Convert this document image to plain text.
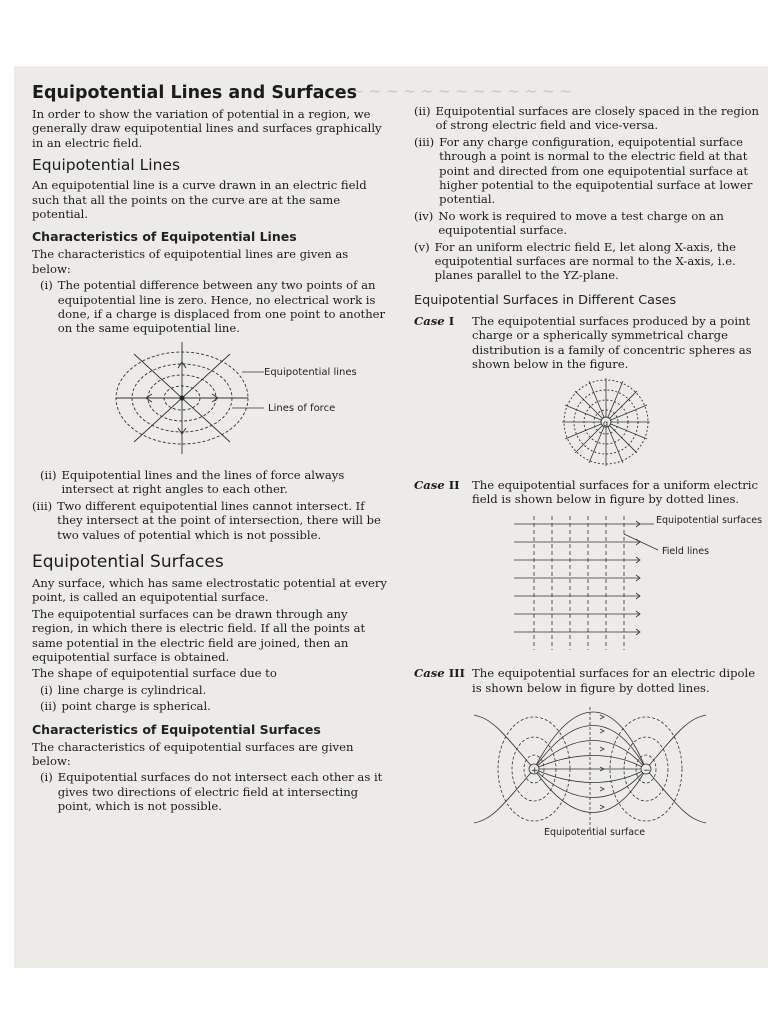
~ ~ ~ ~ ~ ~ ~ ~ ~ ~ ~ ~ ~ ~
Equipotential Lines and Surfaces

In order to show the variation of potential in a region, we generally draw equipotential lines and surfaces graphically in an electric field.

Equipotential Lines

An equipotential line is a curve drawn in an electric field such that all the points on the curve are at the same potential.

Characteristics of Equipotential Lines

The characteristics of equipotential lines are given as below:

(i) The potential difference between any two points of an equipotential line is zero. Hence, no electrical work is done, if a charge is displaced from one point to another on the same equipotential line.
Equipotential lines
Lines of force
(ii) Equipotential lines and the lines of force always intersect at right angles to each other.
(iii) Two different equipotential lines cannot intersect. If they intersect at the point of intersection, there will be two values of potential which is not possible.
Equipotential Surfaces

Any surface, which has same electrostatic potential at every point, is called an equipotential surface.

The equipotential surfaces can be drawn through any region, in which there is electric field. If all the points at same potential in the electric field are joined, then an equipotential surface is obtained.

The shape of equipotential surface due to

(i) line charge is cylindrical.
(ii) point charge is spherical.
Characteristics of Equipotential Surfaces

The characteristics of equipotential surfaces are given below:

(i) Equipotential surfaces do not intersect each other as it gives two directions of electric field at intersecting point, which is not possible.
(ii) Equipotential surfaces are closely spaced in the region of strong electric field and vice-versa.
(iii) For any charge configuration, equipotential surface through a point is normal to the electric field at that point and directed from one equipotential surface at higher potential to the equipotential surface at lower potential.
(iv) No work is required to move a test charge on an equipotential surface.
(v) For an uniform electric field E, let along X-axis, the equipotential surfaces are normal to the X-axis, i.e. planes parallel to the YZ-plane.
Equipotential Surfaces in Different Cases
Case I	The equipotential surfaces produced by a point charge or a spherically symmetrical charge distribution is a family of concentric spheres as shown below in the figure.
q
Case II	The equipotential surfaces for a uniform electric field is shown below in figure by dotted lines.
Equipotential surfaces
Field lines
Case III The equipotential surfaces for an electric dipole is shown below in figure by dotted lines.
+	−
Equipotential surface
